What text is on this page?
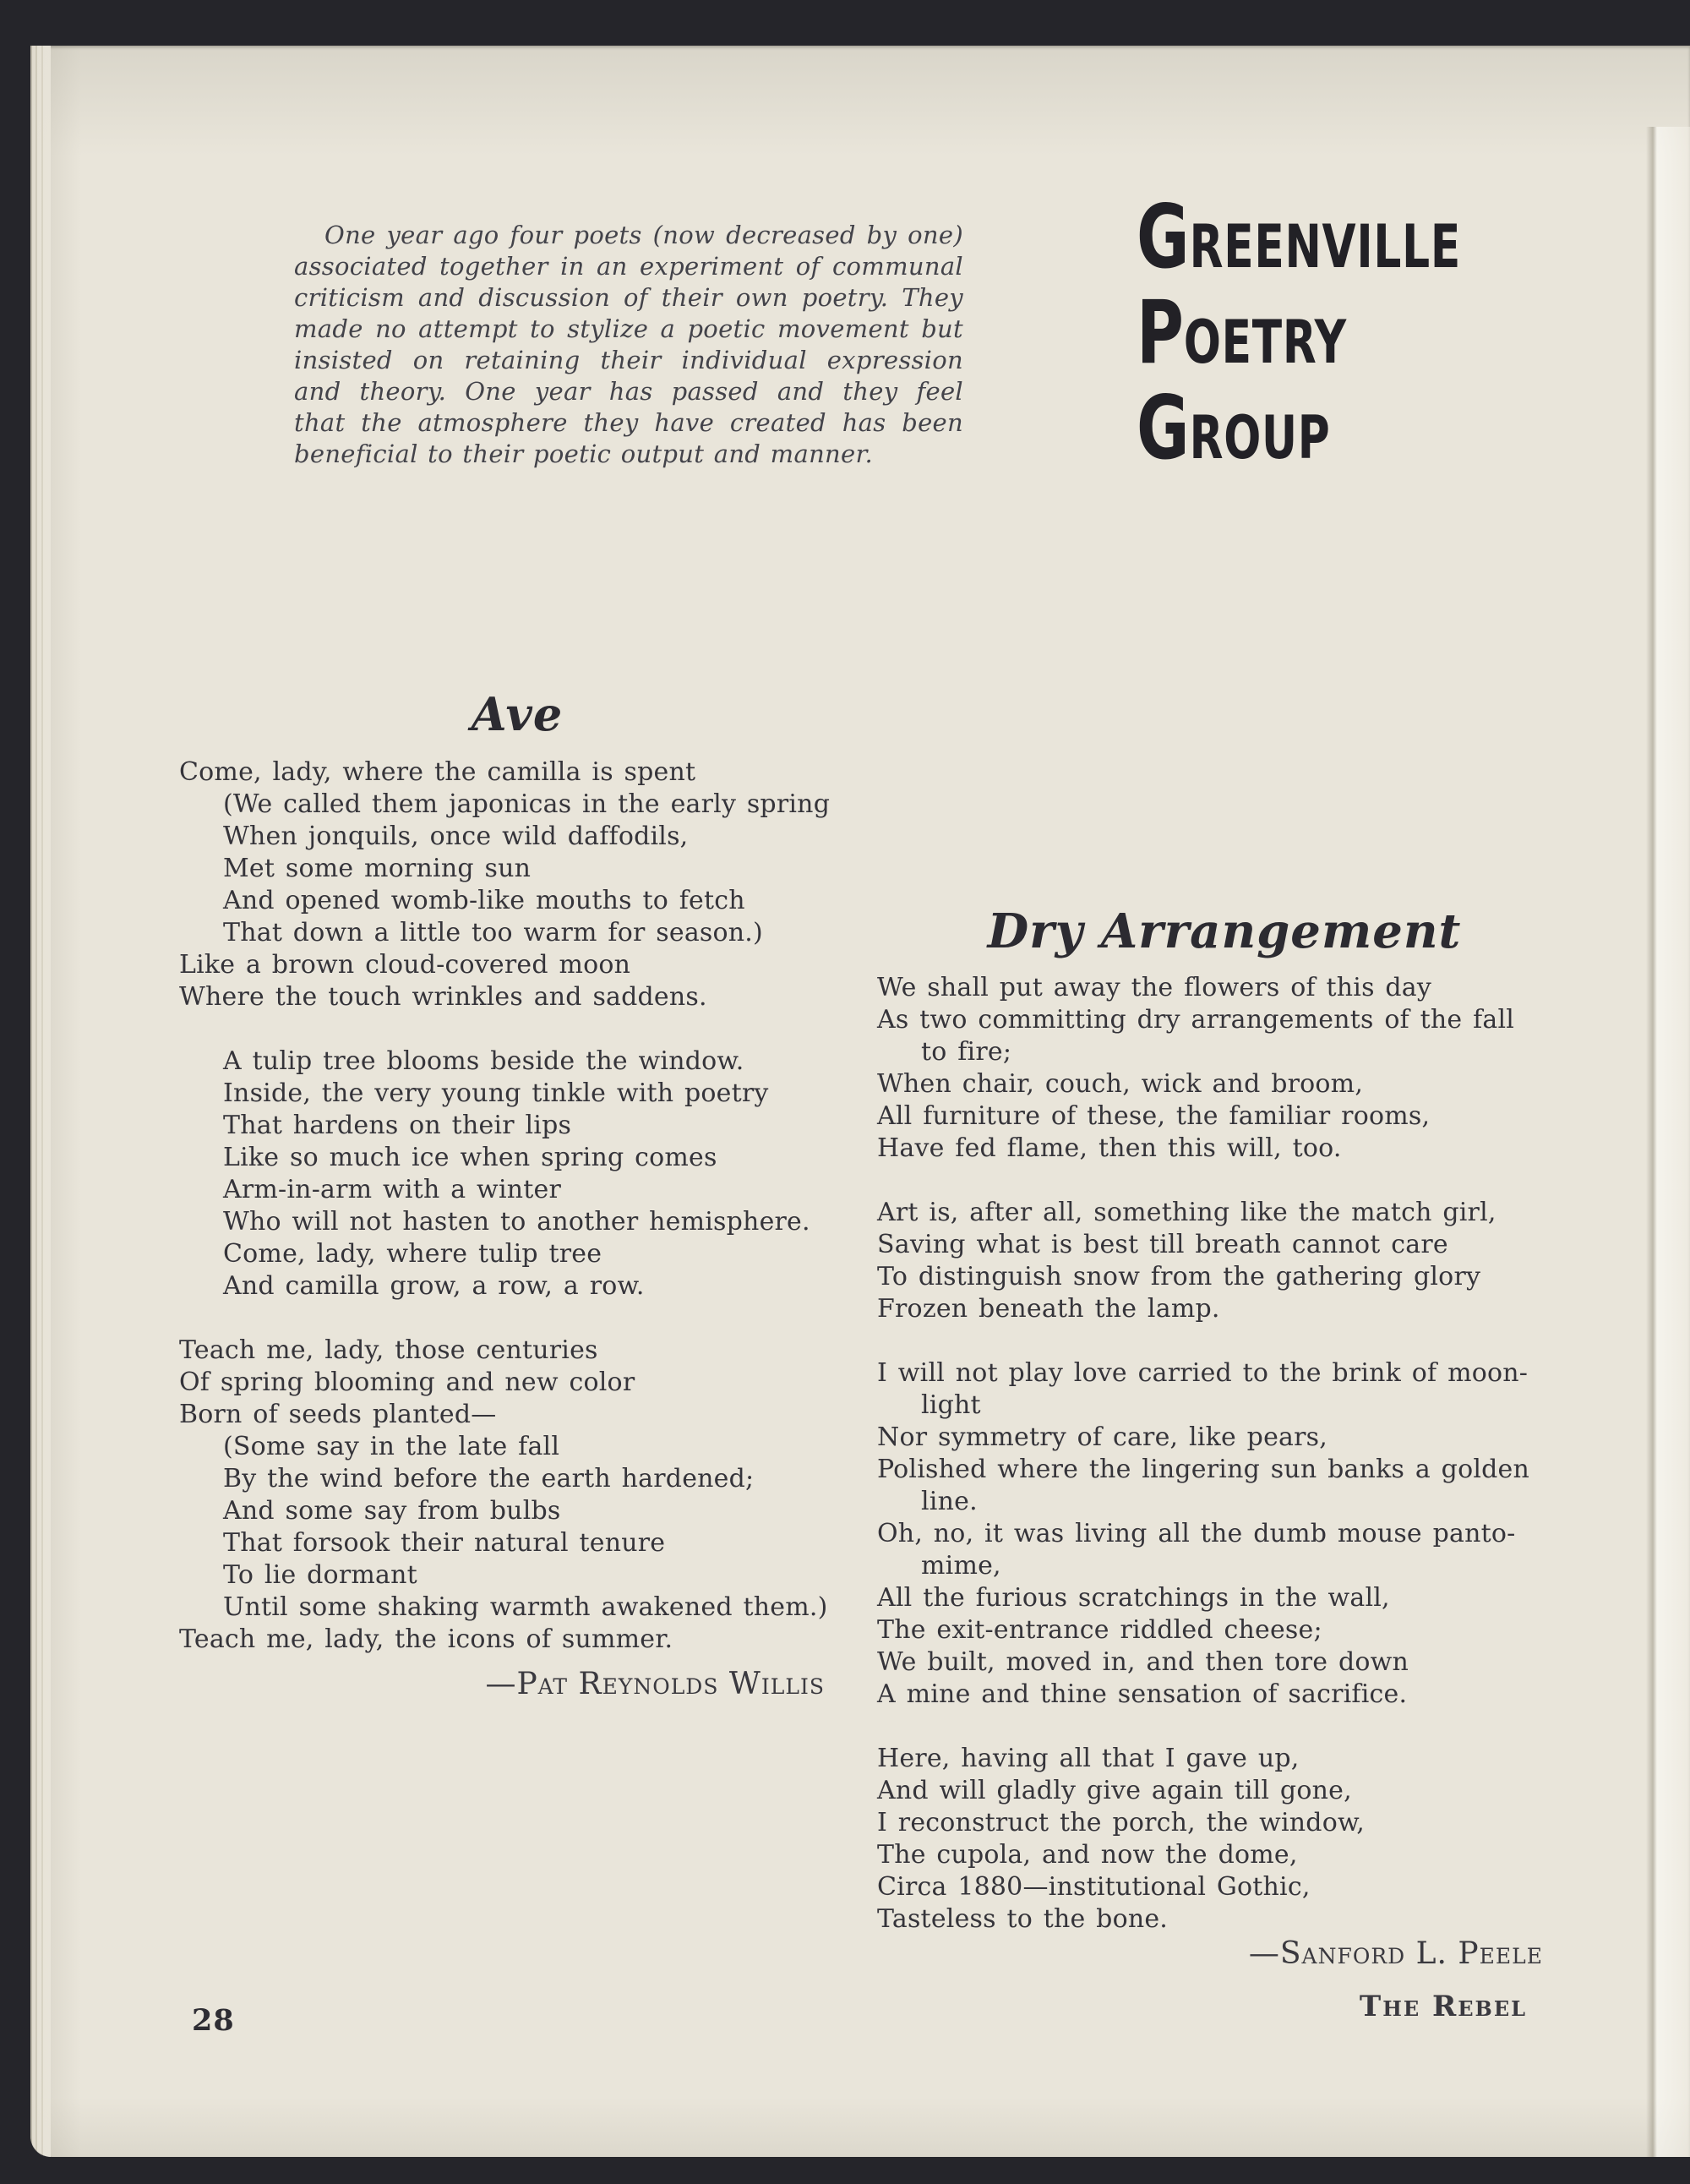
One year ago four poets (now decreased by one)
associated together in an experiment of communal
criticism and discussion of their own poetry. They
made no attempt to stylize a poetic movement but
insisted on retaining their individual expression
and theory. One year has passed and they feel
that the atmosphere they have created has been
beneficial to their poetic output and manner.
GREENVILLE
POETRY
GROUP
Ave
Come, lady, where the camilla is spent
(We called them japonicas in the early spring
When jonquils, once wild daffodils,
Met some morning sun
And opened womb-like mouths to fetch
That down a little too warm for season.)
Like a brown cloud-covered moon
Where the touch wrinkles and saddens.
A tulip tree blooms beside the window.
Inside, the very young tinkle with poetry
That hardens on their lips
Like so much ice when spring comes
Arm-in-arm with a winter
Who will not hasten to another hemisphere.
Come, lady, where tulip tree
And camilla grow, a row, a row.
Teach me, lady, those centuries
Of spring blooming and new color
Born of seeds planted—
(Some say in the late fall
By the wind before the earth hardened;
And some say from bulbs
That forsook their natural tenure
To lie dormant
Until some shaking warmth awakened them.)
Teach me, lady, the icons of summer.
—Pat Reynolds Willis
Dry Arrangement
We shall put away the flowers of this day
As two committing dry arrangements of the fall
to fire;
When chair, couch, wick and broom,
All furniture of these, the familiar rooms,
Have fed flame, then this will, too.
Art is, after all, something like the match girl,
Saving what is best till breath cannot care
To distinguish snow from the gathering glory
Frozen beneath the lamp.
I will not play love carried to the brink of moon-
light
Nor symmetry of care, like pears,
Polished where the lingering sun banks a golden
line.
Oh, no, it was living all the dumb mouse panto-
mime,
All the furious scratchings in the wall,
The exit-entrance riddled cheese;
We built, moved in, and then tore down
A mine and thine sensation of sacrifice.
Here, having all that I gave up,
And will gladly give again till gone,
I reconstruct the porch, the window,
The cupola, and now the dome,
Circa 1880—institutional Gothic,
Tasteless to the bone.
—Sanford L. Peele
28	The Rebel
